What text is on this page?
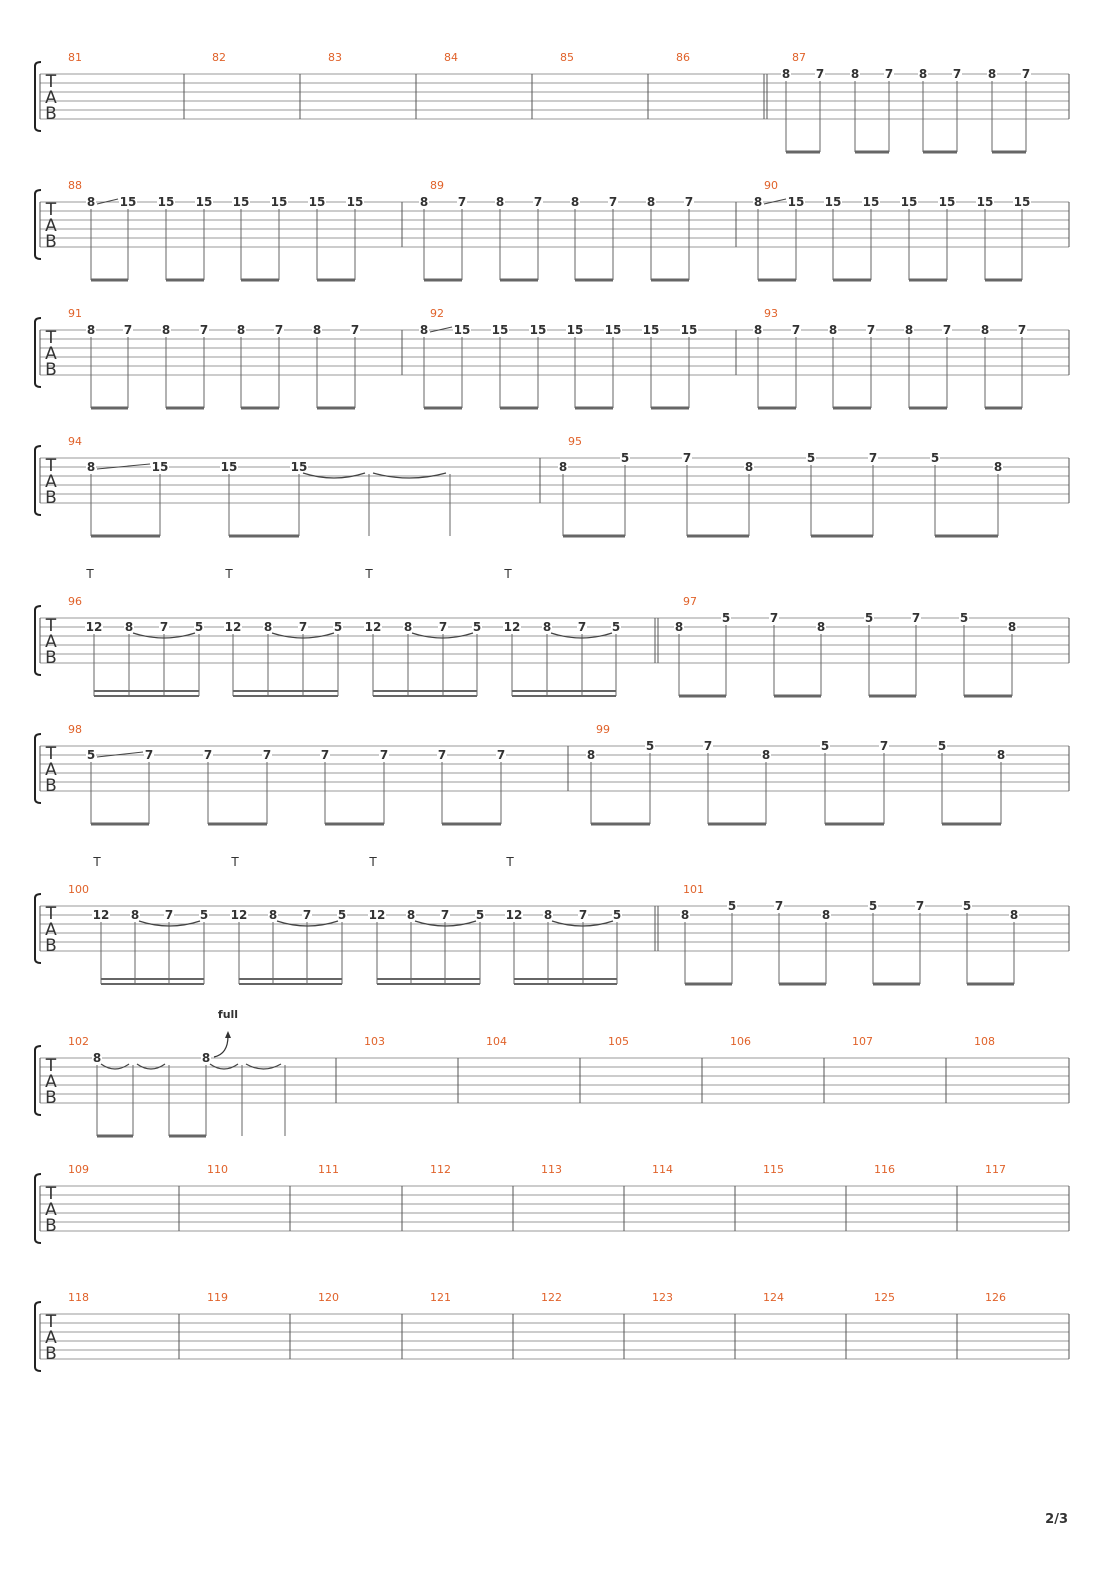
T
A
B
81	82	83	84	85	86	87
8 7 8 7 8 7 8 7
T
A
B
88
8 15 15 15 15 15 15 15
89
8 7 8 7 8 7 8 7
90
8 15 15 15 15 15 15 15
T
A
B
91
8 7 8 7 8 7 8 7
92
8 15 15 15 15 15 15 15
93
8 7 8 7 8 7 8 7
T
A
B
94
8	15	15	15
95
8
5	7
8
5	7	5
8
T
A
B
96
12 8 7 5 12 8 7 5 12 8 7 5 12 8 7 5
T	T	T	T
97
8
5	7
8
5	7	5
8
T
A
B
98
5	7	7	7	7	7	7	7
99
8
5	7
8
5	7	5
8
T
A
B
100
12 8 7 5 12 8 7 5 12 8 7 5 12 8 7 5
T	T	T	T
101
8
5	7
8
5	7	5
8
T
A
B
102
8	8
full
103	104	105	106	107	108
T
A
B
109	110	111	112	113	114	115	116	117
T
A
B
118	119	120	121	122	123	124	125	126
2/3
